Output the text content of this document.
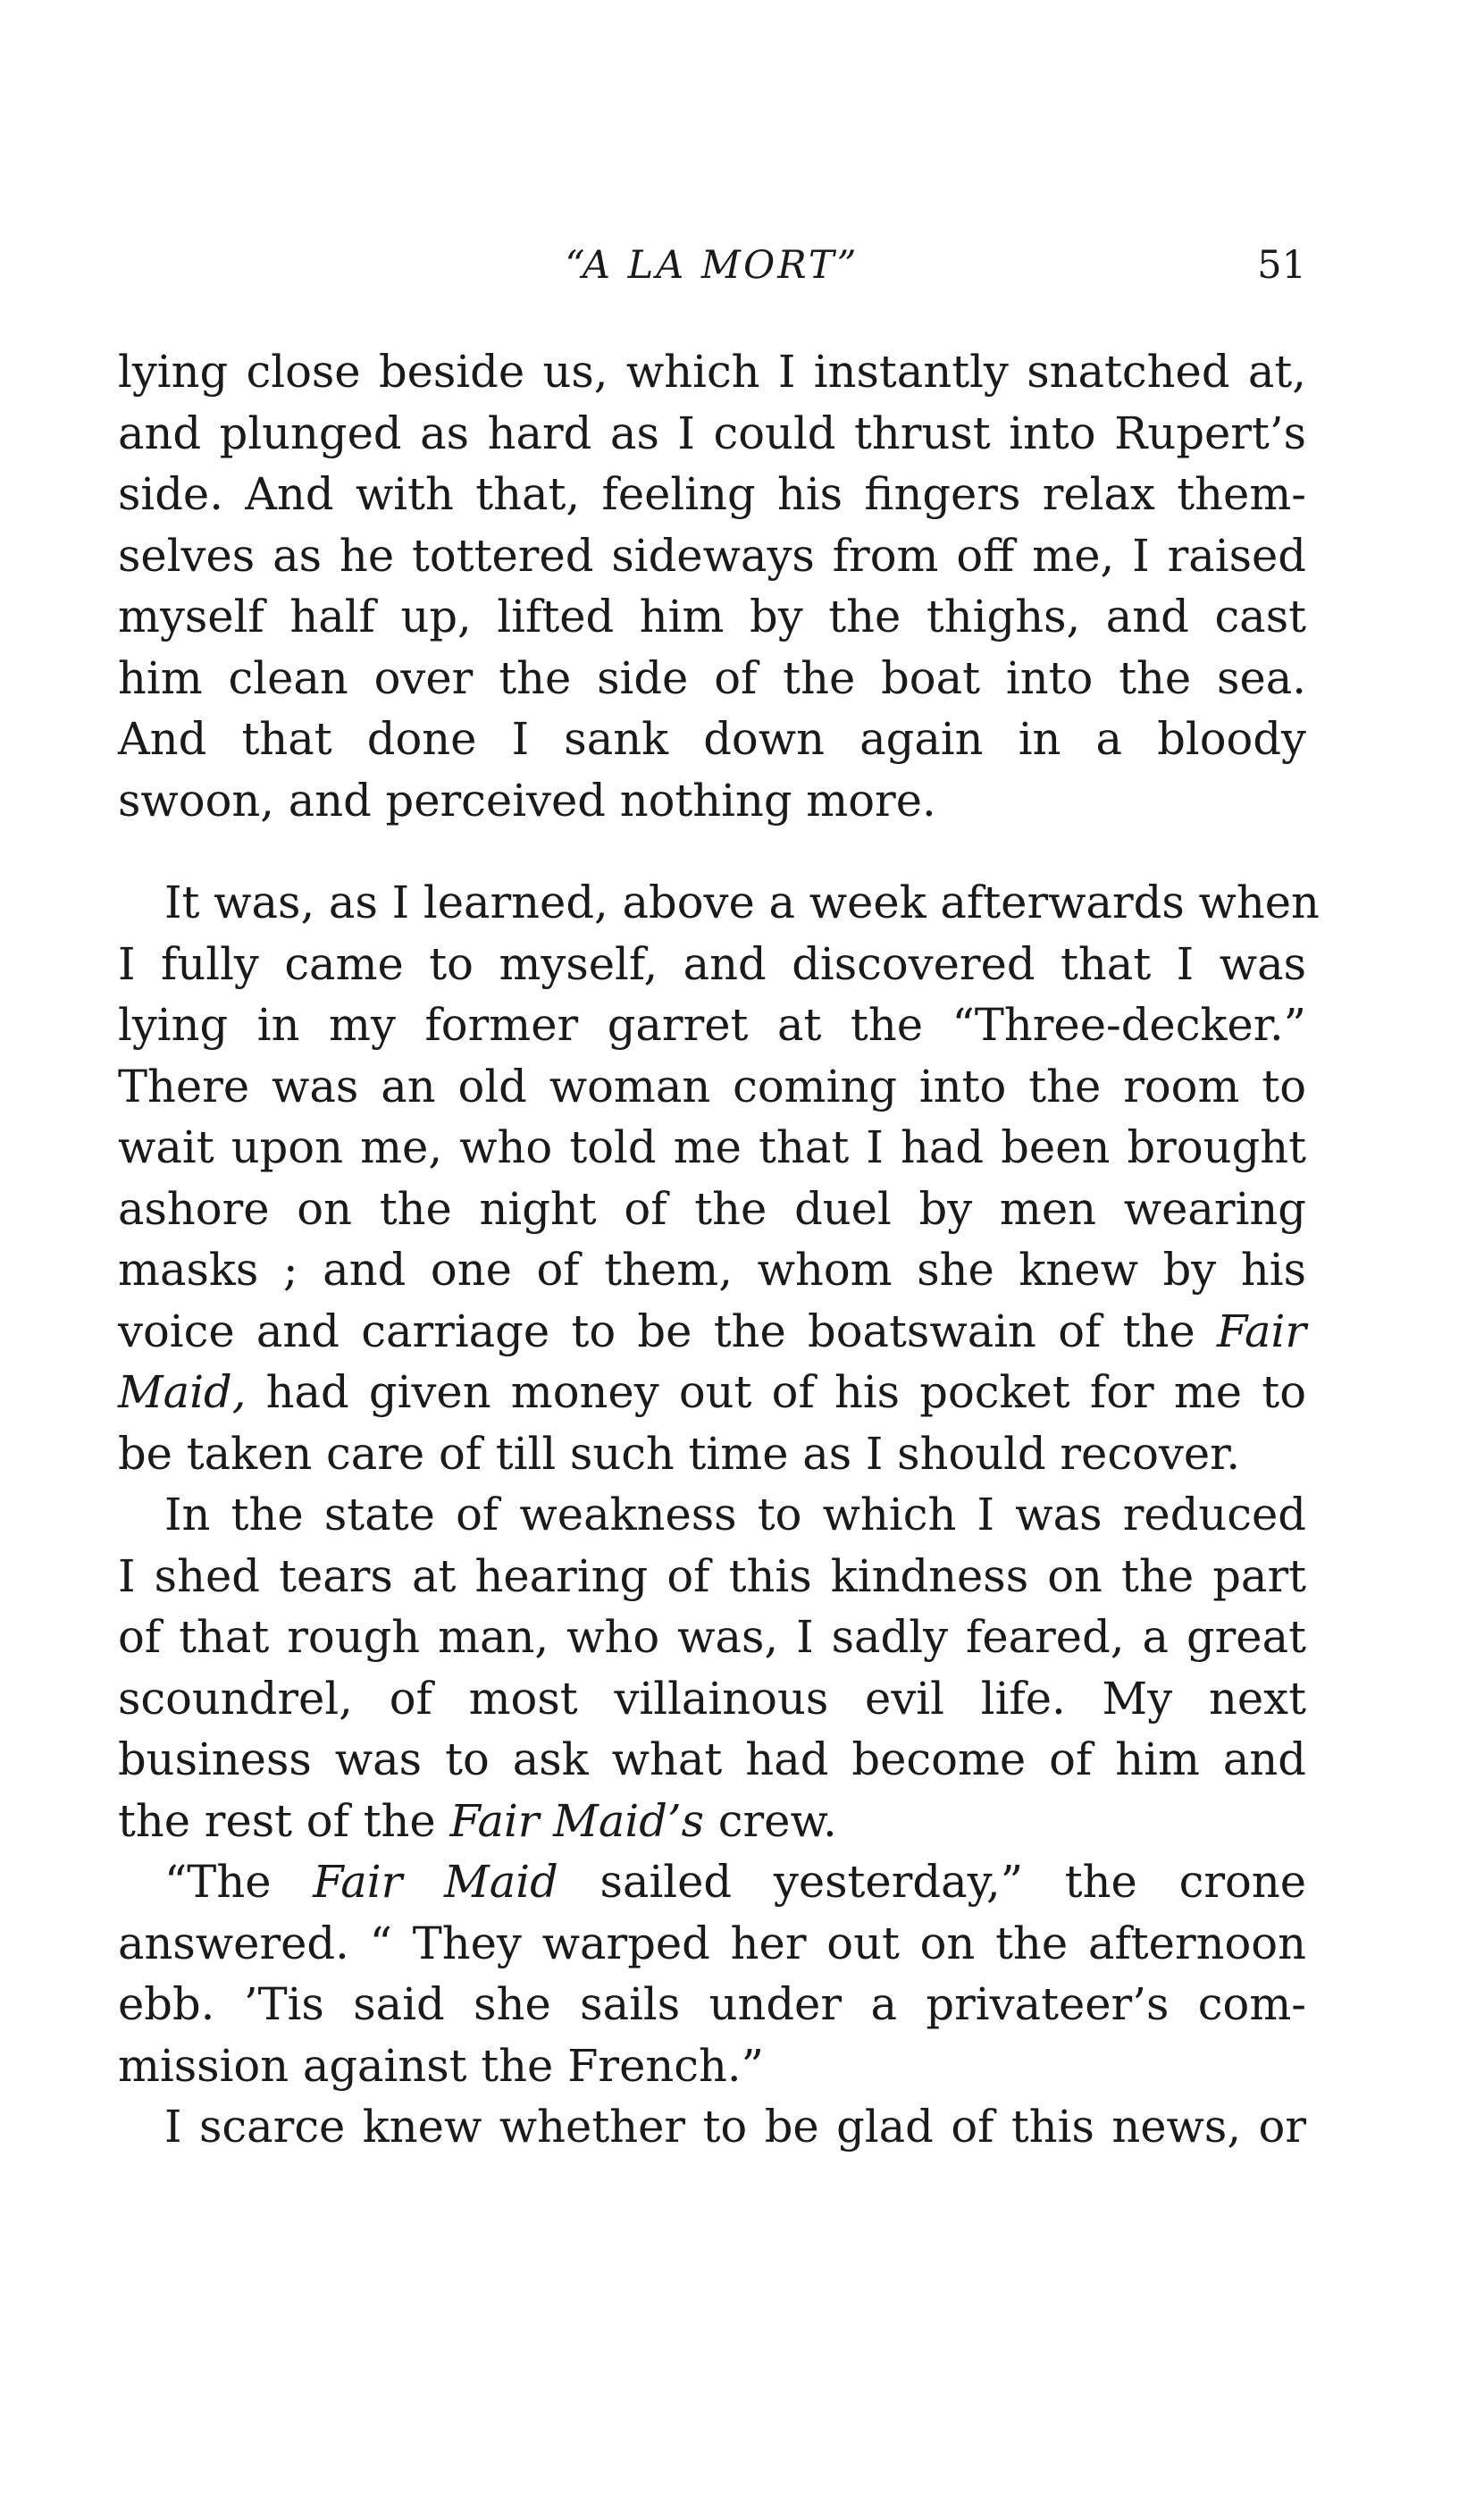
“A LA MORT”	51
lying close beside us, which I instantly snatched at,
and plunged as hard as I could thrust into Rupert’s
side. And with that, feeling his fingers relax them-
selves as he tottered sideways from off me, I raised
myself half up, lifted him by the thighs, and cast
him clean over the side of the boat into the sea.
And that done I sank down again in a bloody
swoon, and perceived nothing more.
It was, as I learned, above a week afterwards when
I fully came to myself, and discovered that I was
lying in my former garret at the “Three-decker.”
There was an old woman coming into the room to
wait upon me, who told me that I had been brought
ashore on the night of the duel by men wearing
masks ; and one of them, whom she knew by his
voice and carriage to be the boatswain of the Fair
Maid, had given money out of his pocket for me to
be taken care of till such time as I should recover.
In the state of weakness to which I was reduced
I shed tears at hearing of this kindness on the part
of that rough man, who was, I sadly feared, a great
scoundrel, of most villainous evil life. My next
business was to ask what had become of him and
the rest of the Fair Maid’s crew.
“The Fair Maid sailed yesterday,” the crone
answered. “ They warped her out on the afternoon
ebb. ’Tis said she sails under a privateer’s com-
mission against the French.”
I scarce knew whether to be glad of this news, or
